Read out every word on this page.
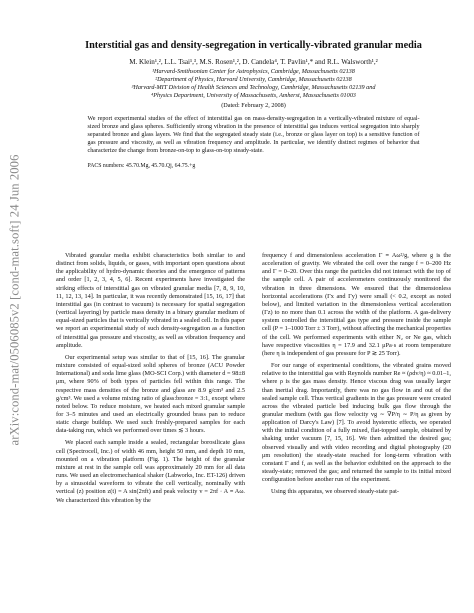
arXiv:cond-mat/0506085v2 [cond-mat.soft] 24 Jun 2006
Interstitial gas and density-segregation in vertically-vibrated granular media
M. Klein¹,², L.L. Tsai¹,³, M.S. Rosen¹,², D. Candela⁴, T. Pavlin¹,* and R.L. Walsworth¹,²
¹Harvard-Smithsonian Center for Astrophysics, Cambridge, Massachusetts 02138
²Department of Physics, Harvard University, Cambridge, Massachusetts 02138
³Harvard-MIT Division of Health Sciences and Technology, Cambridge, Massachusetts 02139 and
⁴Physics Department, University of Massachusetts, Amherst, Massachusetts 01003
(Dated: February 2, 2008)
We report experimental studies of the effect of interstitial gas on mass-density-segregation in a vertically-vibrated mixture of equal-sized bronze and glass spheres. Sufficiently strong vibration in the presence of interstitial gas induces vertical segregation into sharply separated bronze and glass layers. We find that the segregated steady state (i.e., bronze or glass layer on top) is a sensitive function of gas pressure and viscosity, as well as vibration frequency and amplitude. In particular, we identify distinct regimes of behavior that characterize the change from bronze-on-top to glass-on-top steady-state.
PACS numbers: 45.70.Mg, 45.70.Qj, 64.75.+g

Vibrated granular media exhibit characteristics both similar to and distinct from solids, liquids, or gases, with important open questions about the applicability of hydro-dynamic theories and the emergence of patterns and order [1, 2, 3, 4, 5, 6]. Recent experiments have investigated the striking effects of interstitial gas on vibrated granular media [7, 8, 9, 10, 11, 12, 13, 14]. In particular, it was recently demonstrated [15, 16, 17] that interstitial gas (in contrast to vacuum) is necessary for spatial segregation (vertical layering) by particle mass density in a binary granular medium of equal-sized particles that is vertically vibrated in a sealed cell. In this paper we report an experimental study of such density-segregation as a function of interstitial gas pressure and viscosity, as well as vibration frequency and amplitude.

Our experimental setup was similar to that of [15, 16]. The granular mixture consisted of equal-sized solid spheres of bronze (ACU Powder International) and soda lime glass (MO-SCI Corp.) with diameter d = 98±8 μm, where 90% of both types of particles fell within this range. The respective mass densities of the bronze and glass are 8.9 g/cm³ and 2.5 g/cm³. We used a volume mixing ratio of glass:bronze = 3:1, except where noted below. To reduce moisture, we heated each mixed granular sample for 3–5 minutes and used an electrically grounded brass pan to reduce static charge buildup. We used such freshly-prepared samples for each data-taking run, which we performed over times ≲ 3 hours.

We placed each sample inside a sealed, rectangular borosilicate glass cell (Spectrocell, Inc.) of width 46 mm, height 50 mm, and depth 10 mm, mounted on a vibration platform (Fig. 1). The height of the granular mixture at rest in the sample cell was approximately 20 mm for all data runs. We used an electromechanical shaker (Labworks, Inc. ET-126) driven by a sinusoidal waveform to vibrate the cell vertically, nominally with vertical (z) position z(t) = A sin(2πft) and peak velocity v = 2πf · A ≡ Aω. We characterized this vibration by the

frequency f and dimensionless acceleration Γ ≡ Aω²/g, where g is the acceleration of gravity. We vibrated the cell over the range f = 0–200 Hz and Γ = 0–20. Over this range the particles did not interact with the top of the sample cell. A pair of accelerometers continuously monitored the vibration in three dimensions. We ensured that the dimensionless horizontal accelerations (Γx and Γy) were small (< 0.2, except as noted below), and limited variation in the dimensionless vertical acceleration (Γz) to no more than 0.1 across the width of the platform. A gas-delivery system controlled the interstitial gas type and pressure inside the sample cell (P = 1–1000 Torr ± 3 Torr), without affecting the mechanical properties of the cell. We performed experiments with either N₂ or Ne gas, which have respective viscosities η = 17.9 and 32.1 μPa·s at room temperature (here η is independent of gas pressure for P ≳ 25 Torr).

For our range of experimental conditions, the vibrated grains moved relative to the interstitial gas with Reynolds number Re ≈ (ρdv/η) ≈ 0.01–1, where ρ is the gas mass density. Hence viscous drag was usually larger than inertial drag. Importantly, there was no gas flow in and out of the sealed sample cell. Thus vertical gradients in the gas pressure were created across the vibrated particle bed inducing bulk gas flow through the granular medium (with gas flow velocity vg ∼ ∇P/η ∼ P/η as given by application of Darcy's Law) [7]. To avoid hysteretic effects, we operated with the initial condition of a fully mixed, flat-topped sample, obtained by shaking under vacuum [7, 15, 16]. We then admitted the desired gas; observed visually and with video recording and digital photography (20 μm resolution) the steady-state reached for long-term vibration with constant Γ and f, as well as the behavior exhibited on the approach to the steady-state; removed the gas; and returned the sample to its initial mixed configuration before another run of the experiment.

Using this apparatus, we observed steady-state pat-
